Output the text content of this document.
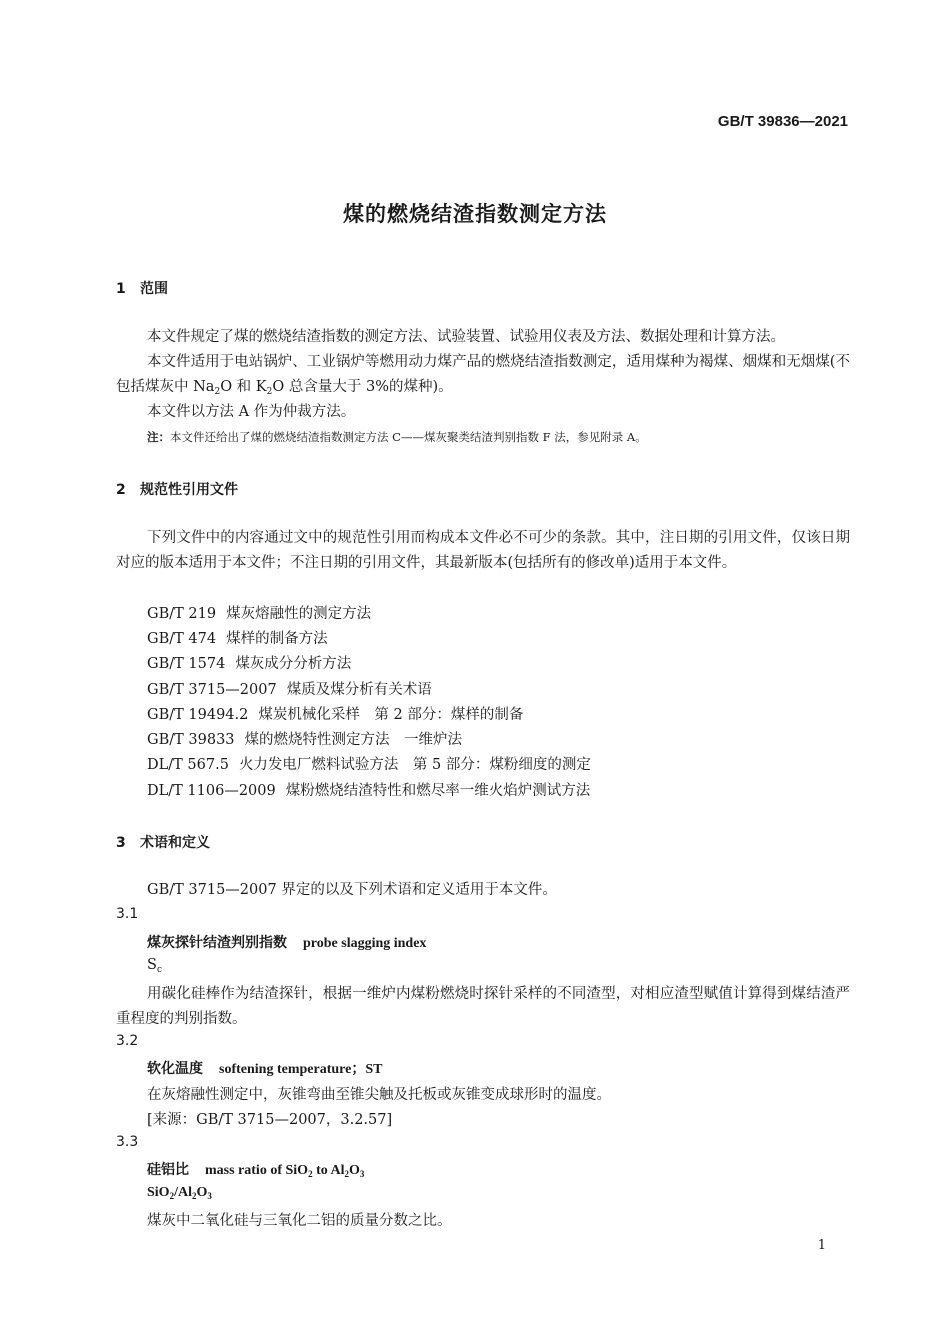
GB/T 39836—2021
煤的燃烧结渣指数测定方法
1 范围
本文件规定了煤的燃烧结渣指数的测定方法、试验装置、试验用仪表及方法、数据处理和计算方法。
本文件适用于电站锅炉、工业锅炉等燃用动力煤产品的燃烧结渣指数测定，适用煤种为褐煤、烟煤和无烟煤(不包括煤灰中 $Na_2O$ 和 $K_2O$ 总含量大于 3%的煤种)。
本文件以方法 A 作为仲裁方法。
注：本文件还给出了煤的燃烧结渣指数测定方法 C——煤灰聚类结渣判别指数 F 法，参见附录 A。
2 规范性引用文件
下列文件中的内容通过文中的规范性引用而构成本文件必不可少的条款。其中，注日期的引用文件，仅该日期对应的版本适用于本文件；不注日期的引用文件，其最新版本(包括所有的修改单)适用于本文件。
GB/T 219 煤灰熔融性的测定方法
GB/T 474 煤样的制备方法
GB/T 1574 煤灰成分分析方法
GB/T 3715—2007 煤质及煤分析有关术语
GB/T 19494.2 煤炭机械化采样　第 2 部分：煤样的制备
GB/T 39833 煤的燃烧特性测定方法　一维炉法
DL/T 567.5 火力发电厂燃料试验方法　第 5 部分：煤粉细度的测定
DL/T 1106—2009 煤粉燃烧结渣特性和燃尽率一维火焰炉测试方法
3 术语和定义
GB/T 3715—2007 界定的以及下列术语和定义适用于本文件。
3.1
煤灰探针结渣判别指数 probe slagging index
$S_c$
用碳化硅棒作为结渣探针，根据一维炉内煤粉燃烧时探针采样的不同渣型，对相应渣型赋值计算得到煤结渣严重程度的判别指数。
3.2
软化温度 softening temperature；ST
在灰熔融性测定中，灰锥弯曲至锥尖触及托板或灰锥变成球形时的温度。
[来源：GB/T 3715—2007，3.2.57]
3.3
硅铝比 mass ratio of SiO$_2$ to $Al_2O_3$
$SiO_2/Al_2O_3$
煤灰中二氧化硅与三氧化二铝的质量分数之比。
1
